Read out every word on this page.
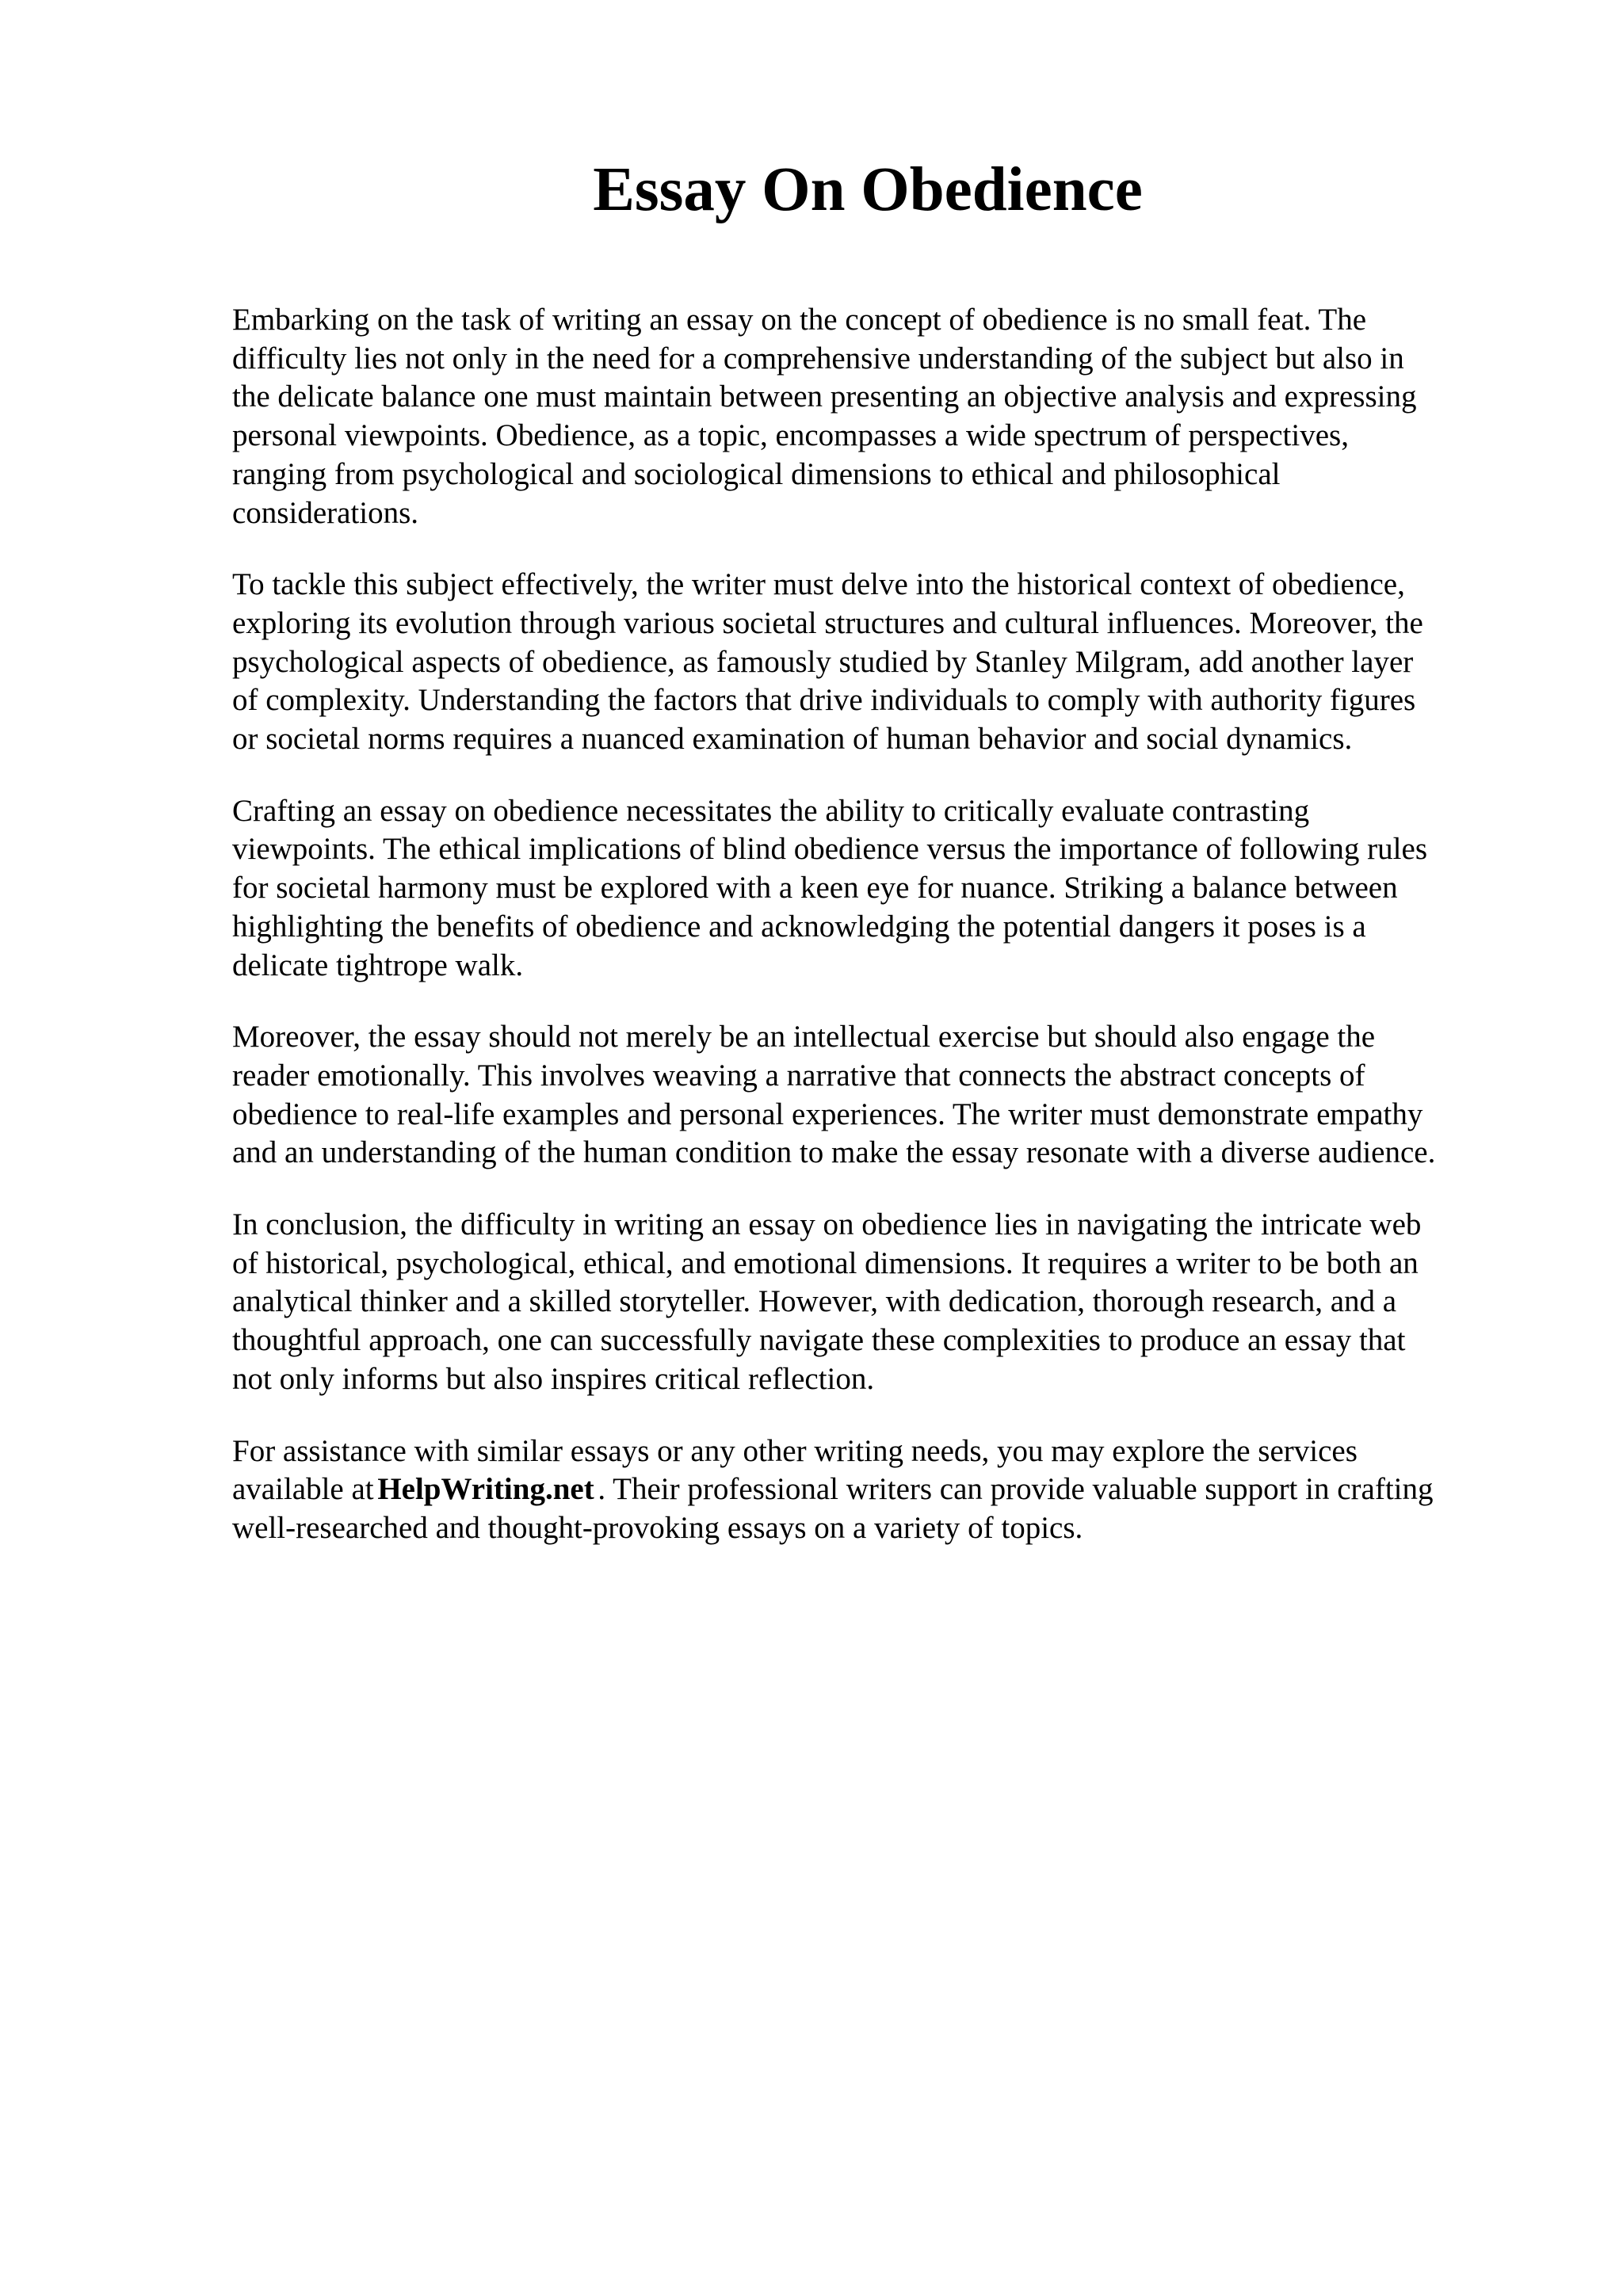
Essay On Obedience

Embarking on the task of writing an essay on the concept of obedience is no small feat. The
difficulty lies not only in the need for a comprehensive understanding of the subject but also in
the delicate balance one must maintain between presenting an objective analysis and expressing
personal viewpoints. Obedience, as a topic, encompasses a wide spectrum of perspectives,
ranging from psychological and sociological dimensions to ethical and philosophical
considerations.

To tackle this subject effectively, the writer must delve into the historical context of obedience,
exploring its evolution through various societal structures and cultural influences. Moreover, the
psychological aspects of obedience, as famously studied by Stanley Milgram, add another layer
of complexity. Understanding the factors that drive individuals to comply with authority figures
or societal norms requires a nuanced examination of human behavior and social dynamics.

Crafting an essay on obedience necessitates the ability to critically evaluate contrasting
viewpoints. The ethical implications of blind obedience versus the importance of following rules
for societal harmony must be explored with a keen eye for nuance. Striking a balance between
highlighting the benefits of obedience and acknowledging the potential dangers it poses is a
delicate tightrope walk.

Moreover, the essay should not merely be an intellectual exercise but should also engage the
reader emotionally. This involves weaving a narrative that connects the abstract concepts of
obedience to real-life examples and personal experiences. The writer must demonstrate empathy
and an understanding of the human condition to make the essay resonate with a diverse audience.

In conclusion, the difficulty in writing an essay on obedience lies in navigating the intricate web
of historical, psychological, ethical, and emotional dimensions. It requires a writer to be both an
analytical thinker and a skilled storyteller. However, with dedication, thorough research, and a
thoughtful approach, one can successfully navigate these complexities to produce an essay that
not only informs but also inspires critical reflection.

For assistance with similar essays or any other writing needs, you may explore the services
available at HelpWriting.net . Their professional writers can provide valuable support in crafting
well-researched and thought-provoking essays on a variety of topics.
